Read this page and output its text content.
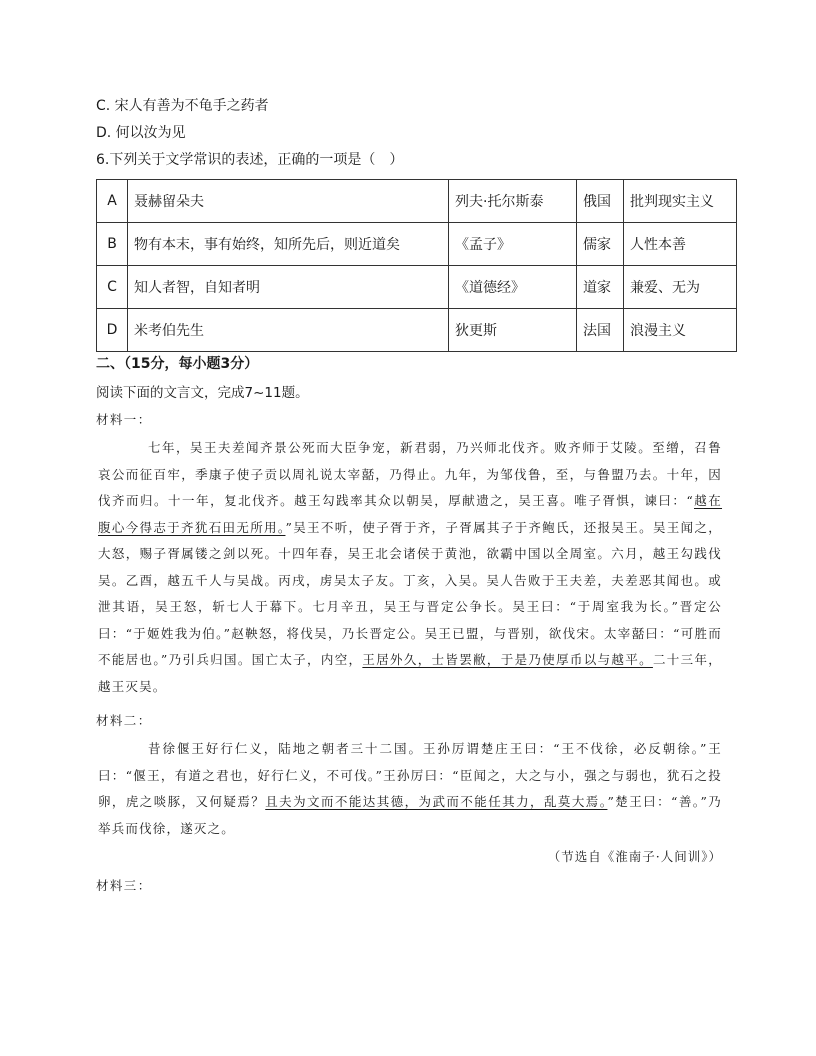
C. 宋人有善为不龟手之药者
D. 何以汝为见
6.下列关于文学常识的表述，正确的一项是（　）
A	聂赫留朵夫	列夫·托尔斯泰	俄国	批判现实主义
B	物有本末，事有始终，知所先后，则近道矣	《孟子》	儒家	人性本善
C	知人者智，自知者明	《道德经》	道家	兼爱、无为
D	米考伯先生	狄更斯	法国	浪漫主义
二、（15分，每小题3分）
阅读下面的文言文，完成7~11题。
材料一：
七年，吴王夫差闻齐景公死而大臣争宠，新君弱，乃兴师北伐齐。败齐师于艾陵。至缯，召鲁哀公而征百牢，季康子使子贡以周礼说太宰嚭，乃得止。九年，为邹伐鲁，至，与鲁盟乃去。十年，因伐齐而归。十一年，复北伐齐。越王勾践率其众以朝吴，厚献遗之，吴王喜。唯子胥惧，谏曰：“越在腹心今得志于齐犹石田无所用。”吴王不听，使子胥于齐，子胥属其子于齐鲍氏，还报吴王。吴王闻之，大怒，赐子胥属镂之剑以死。十四年春，吴王北会诸侯于黄池，欲霸中国以全周室。六月，越王勾践伐吴。乙酉，越五千人与吴战。丙戌，虏吴太子友。丁亥，入吴。吴人告败于王夫差，夫差恶其闻也。或泄其语，吴王怒，斩七人于幕下。七月辛丑，吴王与晋定公争长。吴王曰：“于周室我为长。”晋定公曰：“于姬姓我为伯。”赵鞅怒，将伐吴，乃长晋定公。吴王已盟，与晋别，欲伐宋。太宰嚭曰：“可胜而不能居也。”乃引兵归国。国亡太子，内空，王居外久，士皆罢敝，于是乃使厚币以与越平。二十三年，越王灭吴。
材料二：
昔徐偃王好行仁义，陆地之朝者三十二国。王孙厉谓楚庄王曰：“王不伐徐，必反朝徐。”王曰：“偃王，有道之君也，好行仁义，不可伐。”王孙厉曰：“臣闻之，大之与小，强之与弱也，犹石之投卵，虎之啖豚，又何疑焉？且夫为文而不能达其德，为武而不能任其力，乱莫大焉。”楚王曰：“善。”乃举兵而伐徐，遂灭之。
（节选自《淮南子·人间训》）
材料三：
